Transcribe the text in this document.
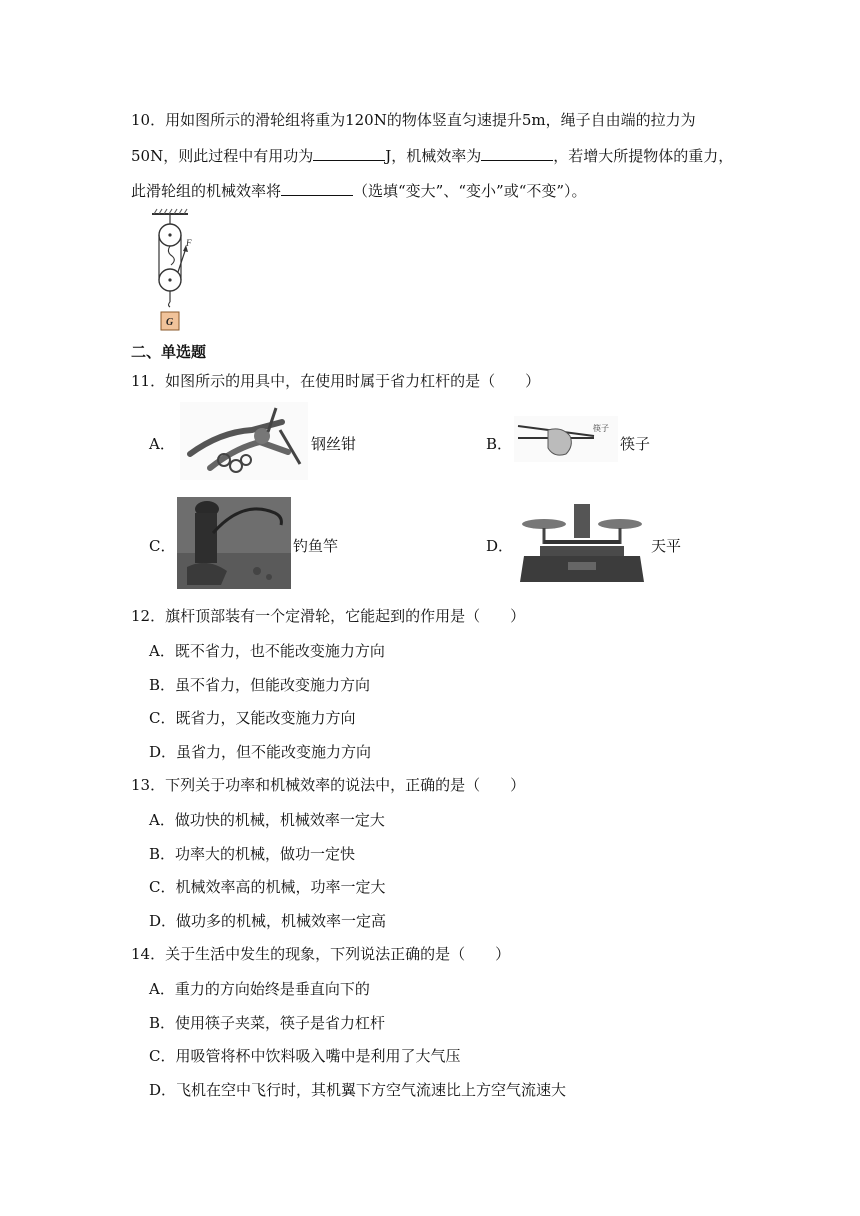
10．用如图所示的滑轮组将重为120N的物体竖直匀速提升5m，绳子自由端的拉力为
50N，则此过程中有用功为	J，机械效率为	，若增大所提物体的重力，
此滑轮组的机械效率将	（选填“变大”、“变小”或“不变”）。
F
G
二、单选题
11．如图所示的用具中，在使用时属于省力杠杆的是（　　）
A．	钢丝钳	B．
筷子
筷子
C．	钓鱼竿	D．	天平
12．旗杆顶部装有一个定滑轮，它能起到的作用是（　　）
A．既不省力，也不能改变施力方向
B．虽不省力，但能改变施力方向
C．既省力，又能改变施力方向
D．虽省力，但不能改变施力方向
13．下列关于功率和机械效率的说法中，正确的是（　　）
A．做功快的机械，机械效率一定大
B．功率大的机械，做功一定快
C．机械效率高的机械，功率一定大
D．做功多的机械，机械效率一定高
14．关于生活中发生的现象，下列说法正确的是（　　）
A．重力的方向始终是垂直向下的
B．使用筷子夹菜，筷子是省力杠杆
C．用吸管将杯中饮料吸入嘴中是利用了大气压
D．飞机在空中飞行时，其机翼下方空气流速比上方空气流速大
